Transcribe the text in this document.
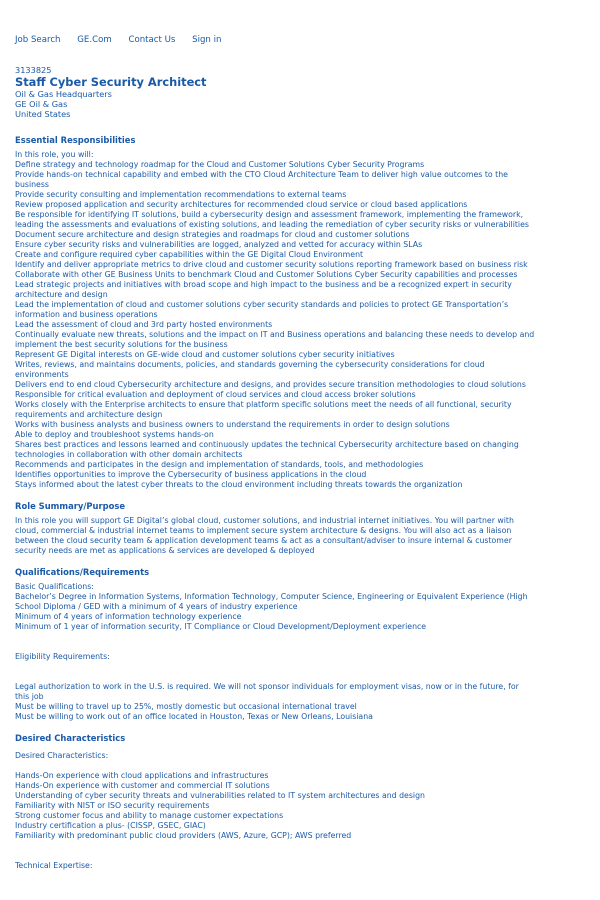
Job Search GE.Com Contact Us Sign in
3133825
Staff Cyber Security Architect
Oil & Gas Headquarters
GE Oil & Gas
United States
Essential Responsibilities
In this role, you will:
Define strategy and technology roadmap for the Cloud and Customer Solutions Cyber Security Programs
Provide hands-on technical capability and embed with the CTO Cloud Architecture Team to deliver high value outcomes to the business
Provide security consulting and implementation recommendations to external teams
Review proposed application and security architectures for recommended cloud service or cloud based applications
Be responsible for identifying IT solutions, build a cybersecurity design and assessment framework, implementing the framework, leading the assessments and evaluations of existing solutions, and leading the remediation of cyber security risks or vulnerabilities
Document secure architecture and design strategies and roadmaps for cloud and customer solutions
Ensure cyber security risks and vulnerabilities are logged, analyzed and vetted for accuracy within SLAs
Create and configure required cyber capabilities within the GE Digital Cloud Environment
Identify and deliver appropriate metrics to drive cloud and customer security solutions reporting framework based on business risk
Collaborate with other GE Business Units to benchmark Cloud and Customer Solutions Cyber Security capabilities and processes
Lead strategic projects and initiatives with broad scope and high impact to the business and be a recognized expert in security architecture and design
Lead the implementation of cloud and customer solutions cyber security standards and policies to protect GE Transportation’s information and business operations
Lead the assessment of cloud and 3rd party hosted environments
Continually evaluate new threats, solutions and the impact on IT and Business operations and balancing these needs to develop and implement the best security solutions for the business
Represent GE Digital interests on GE-wide cloud and customer solutions cyber security initiatives
Writes, reviews, and maintains documents, policies, and standards governing the cybersecurity considerations for cloud environments
Delivers end to end cloud Cybersecurity architecture and designs, and provides secure transition methodologies to cloud solutions
Responsible for critical evaluation and deployment of cloud services and cloud access broker solutions
Works closely with the Enterprise architects to ensure that platform specific solutions meet the needs of all functional, security requirements and architecture design
Works with business analysts and business owners to understand the requirements in order to design solutions
Able to deploy and troubleshoot systems hands-on
Shares best practices and lessons learned and continuously updates the technical Cybersecurity architecture based on changing technologies in collaboration with other domain architects
Recommends and participates in the design and implementation of standards, tools, and methodologies
Identifies opportunities to improve the Cybersecurity of business applications in the cloud
Stays informed about the latest cyber threats to the cloud environment including threats towards the organization
Role Summary/Purpose
In this role you will support GE Digital’s global cloud, customer solutions, and industrial internet initiatives. You will partner with cloud, commercial & industrial internet teams to implement secure system architecture & designs. You will also act as a liaison between the cloud security team & application development teams & act as a consultant/adviser to insure internal & customer security needs are met as applications & services are developed & deployed
Qualifications/Requirements
Basic Qualifications:
Bachelor’s Degree in Information Systems, Information Technology, Computer Science, Engineering or Equivalent Experience (High School Diploma / GED with a minimum of 4 years of industry experience
Minimum of 4 years of information technology experience
Minimum of 1 year of information security, IT Compliance or Cloud Development/Deployment experience
Eligibility Requirements:
Legal authorization to work in the U.S. is required. We will not sponsor individuals for employment visas, now or in the future, for this job
Must be willing to travel up to 25%, mostly domestic but occasional international travel
Must be willing to work out of an office located in Houston, Texas or New Orleans, Louisiana
Desired Characteristics
Desired Characteristics:
Hands-On experience with cloud applications and infrastructures
Hands-On experience with customer and commercial IT solutions
Understanding of cyber security threats and vulnerabilities related to IT system architectures and design
Familiarity with NIST or ISO security requirements
Strong customer focus and ability to manage customer expectations
Industry certification a plus- (CISSP, GSEC, GIAC)
Familiarity with predominant public cloud providers (AWS, Azure, GCP); AWS preferred
Technical Expertise:
